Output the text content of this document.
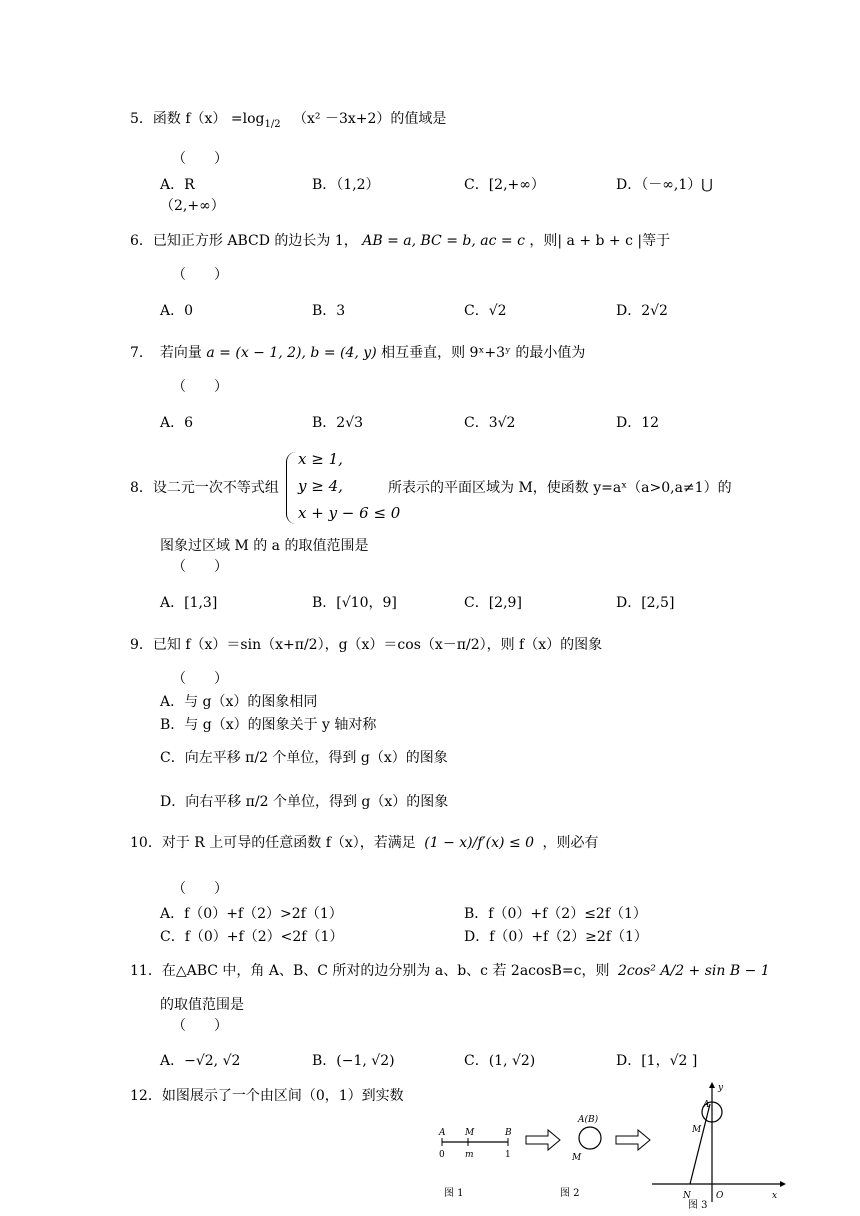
5．函数 $f(x) =\log_{1/2}$ （x² －3x+2）的值域是
（　　）
A．R	B．（1,2）	C．[2,+∞）	D．（－∞,1）⋃
（2,+∞）
6．已知正方形 ABCD 的边长为 1， AB = a, BC = b, ac = c ，则| a + b + c |等于
（　　）
A．0	B．3	C．√2	D．2√2
7．　若向量 a = (x − 1, 2), b = (4, y) 相互垂直，则 9ˣ+3ʸ 的最小值为
（　　）
A．6	B．2√3	C．3√2	D．12
8．设二元一次不等式组
x ≥ 1,
y ≥ 4,
x + y − 6 ≤ 0
所表示的平面区域为 M，使函数 y=aˣ（a>0,a≠1）的
图象过区域 M 的 a 的取值范围是
（　　）
A．[1,3]	B．[√10，9]	C．[2,9]	D．[2,5]
9．已知 f（x）＝sin（x+π/2），g（x）＝cos（x－π/2），则 f（x）的图象
（　　）
A．与 g（x）的图象相同
B．与 g（x）的图象关于 y 轴对称
C．向左平移 π/2 个单位，得到 g（x）的图象
D．向右平移 π/2 个单位，得到 g（x）的图象
10．对于 R 上可导的任意函数 f（x），若满足 (1 − x)/f′(x) ≤ 0 ，则必有
（　　）
A．f（0）+f（2）>2f（1）	B．f（0）+f（2）≤2f（1）
C．f（0）+f（2）<2f（1）	D．f（0）+f（2）≥2f（1）
11．在△ABC 中，角 A、B、C 所对的边分别为 a、b、c 若 2acosB=c，则 2cos² A/2 + sin B − 1
的取值范围是
（　　）
A．−√2, √2	B．(−1, √2)	C．(1, √2)	D．[1，√2 ]
12．如图展示了一个由区间（0，1）到实数
A M	B
0 m	1
图 1
A(B)
M
图 2
A
M
N	O	x
y
图 3
